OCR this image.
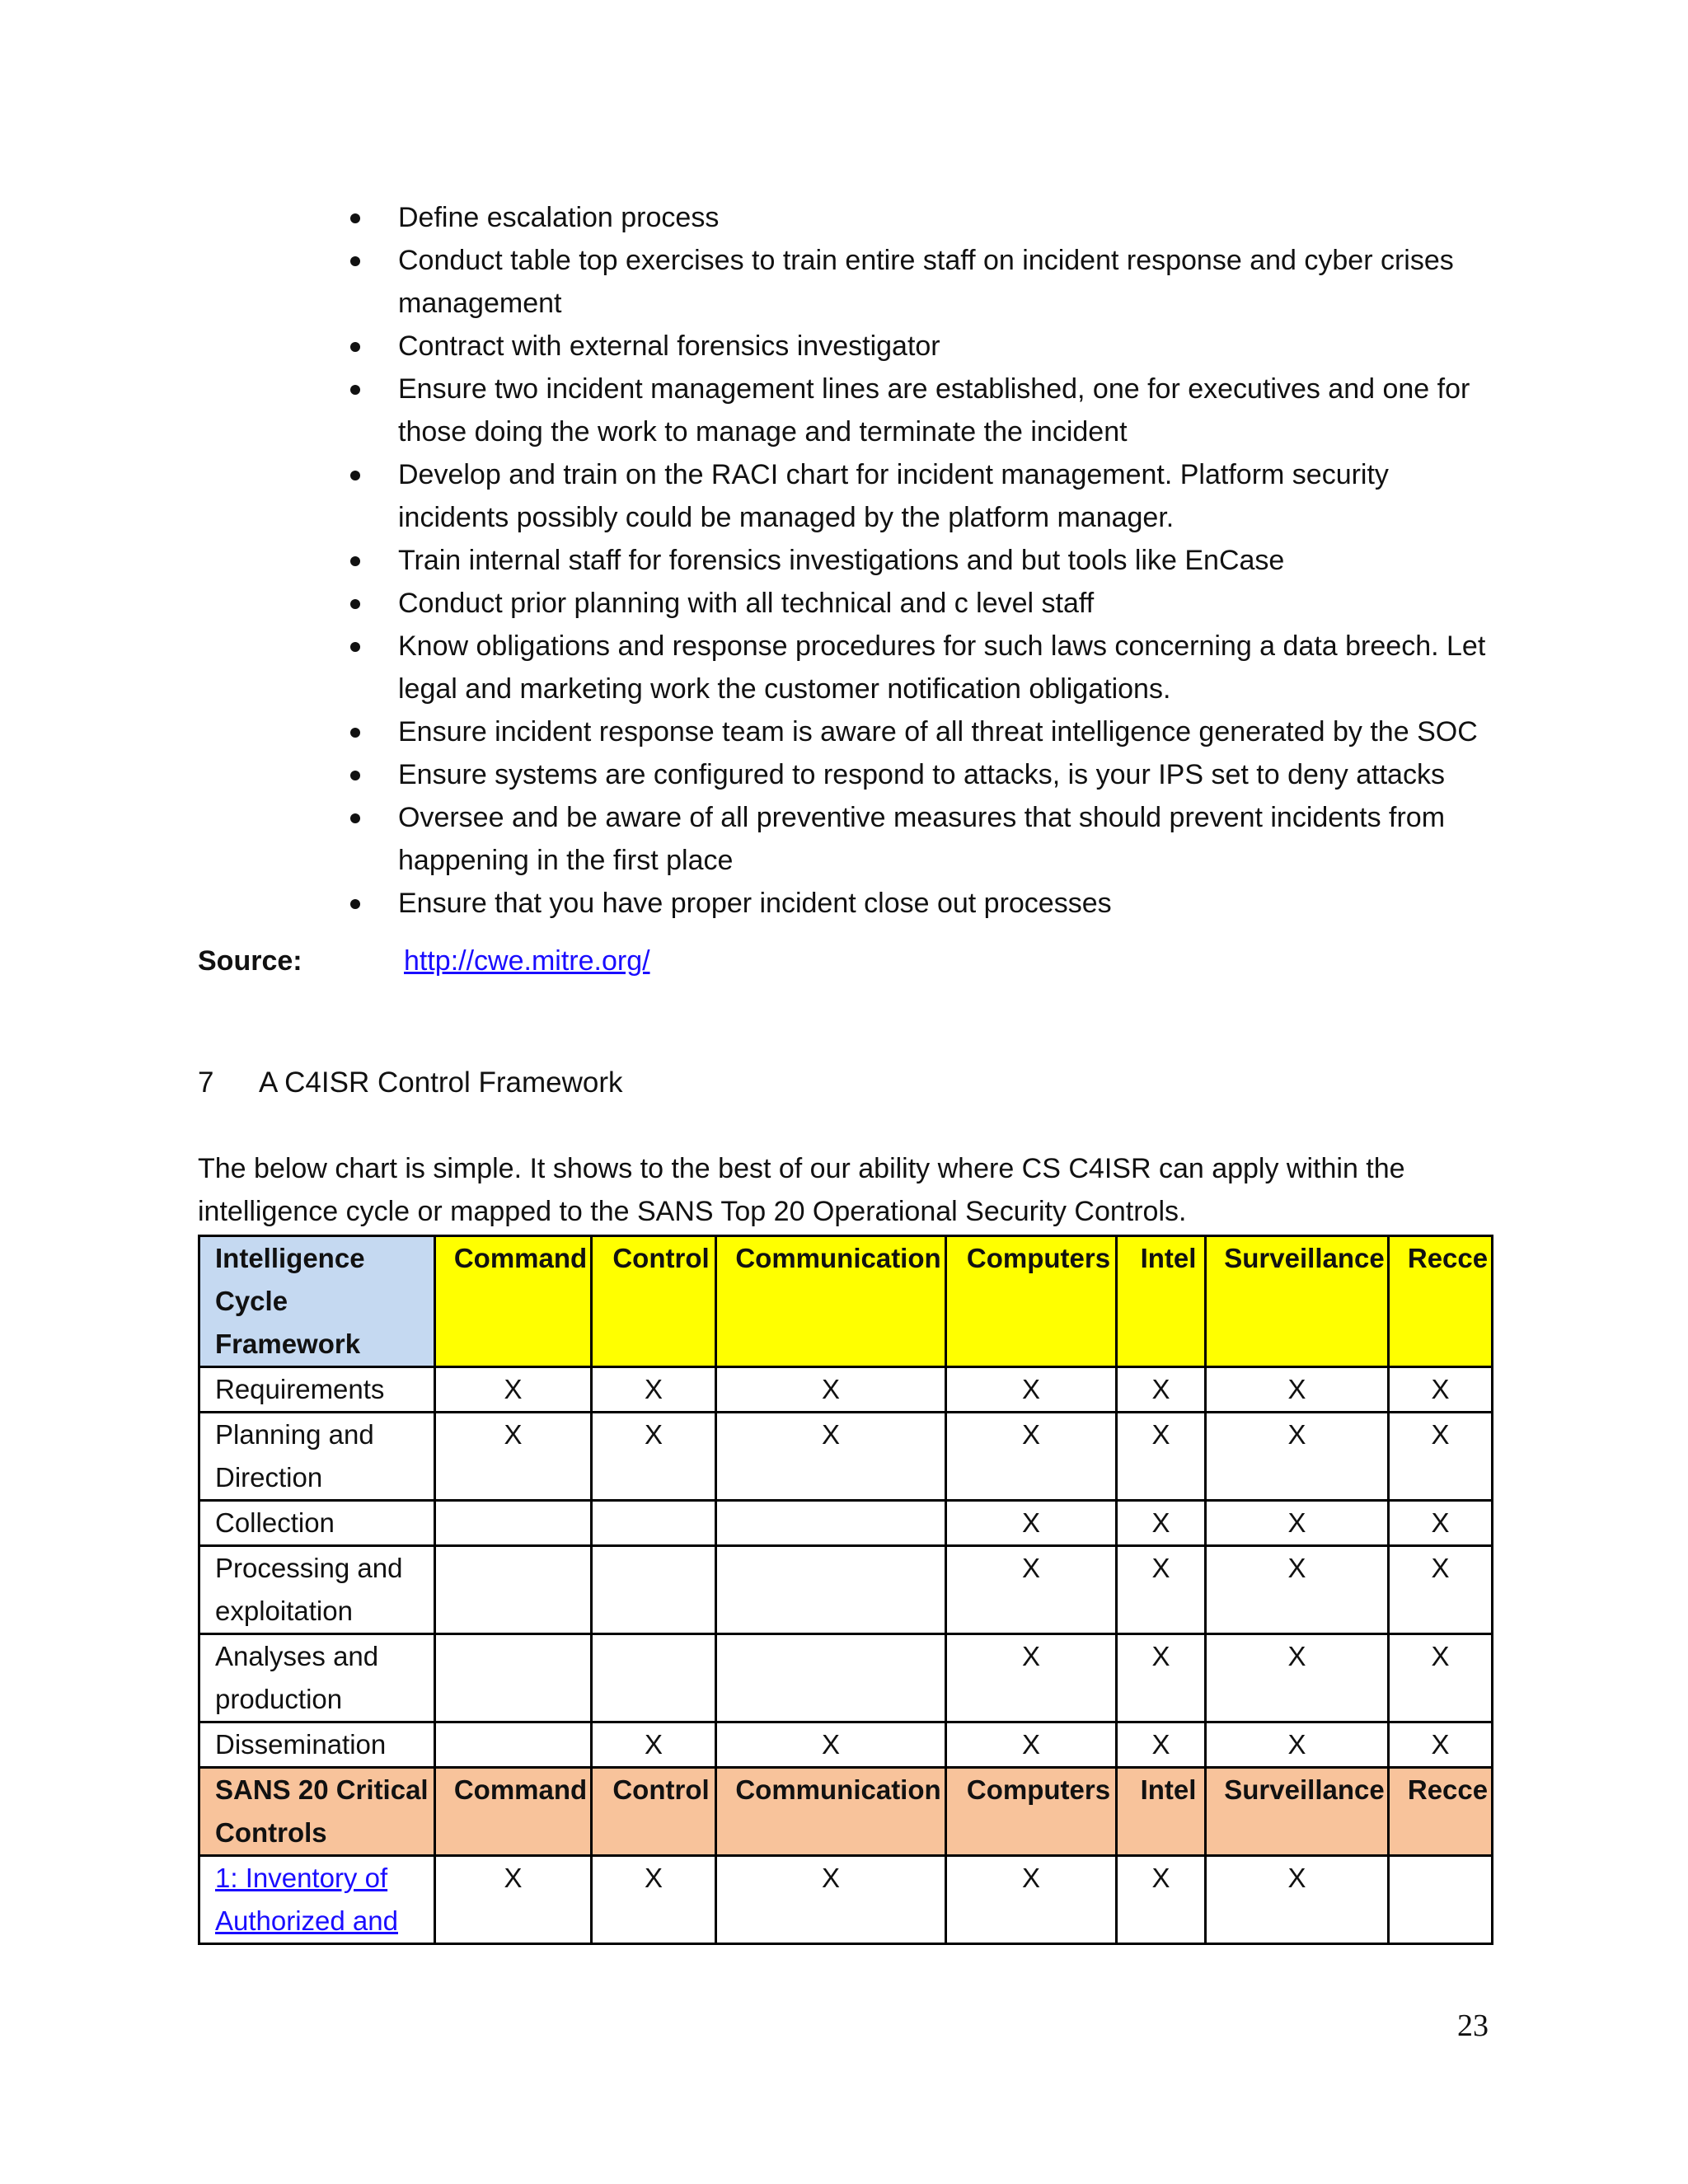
Define escalation process
Conduct table top exercises to train entire staff on incident response and cyber crises management
Contract with external forensics investigator
Ensure two incident management lines are established, one for executives and one for those doing the work to manage and terminate the incident
Develop and train on the RACI chart for incident management. Platform security incidents possibly could be managed by the platform manager.
Train internal staff for forensics investigations and but tools like EnCase
Conduct prior planning with all technical and c level staff
Know obligations and response procedures for such laws concerning a data breech. Let legal and marketing work the customer notification obligations.
Ensure incident response team is aware of all threat intelligence generated by the SOC
Ensure systems are configured to respond to attacks, is your IPS set to deny attacks
Oversee and be aware of all preventive measures that should prevent incidents from happening in the first place
Ensure that you have proper incident close out processes
Source:	http://cwe.mitre.org/
7 A C4ISR Control Framework
The below chart is simple. It shows to the best of our ability where CS C4ISR can apply within the intelligence cycle or mapped to the SANS Top 20 Operational Security Controls.
Intelligence Cycle Framework	Command	Control	Communication	Computers	Intel	Surveillance	Recce
Requirements	X	X	X	X	X	X	X
Planning and Direction	X	X	X	X	X	X	X
Collection				X	X	X	X
Processing and exploitation				X	X	X	X
Analyses and production				X	X	X	X
Dissemination		X	X	X	X	X	X
SANS 20 Critical Controls	Command	Control	Communication	Computers	Intel	Surveillance	Recce
1: Inventory of Authorized and	X	X	X	X	X	X	
23
